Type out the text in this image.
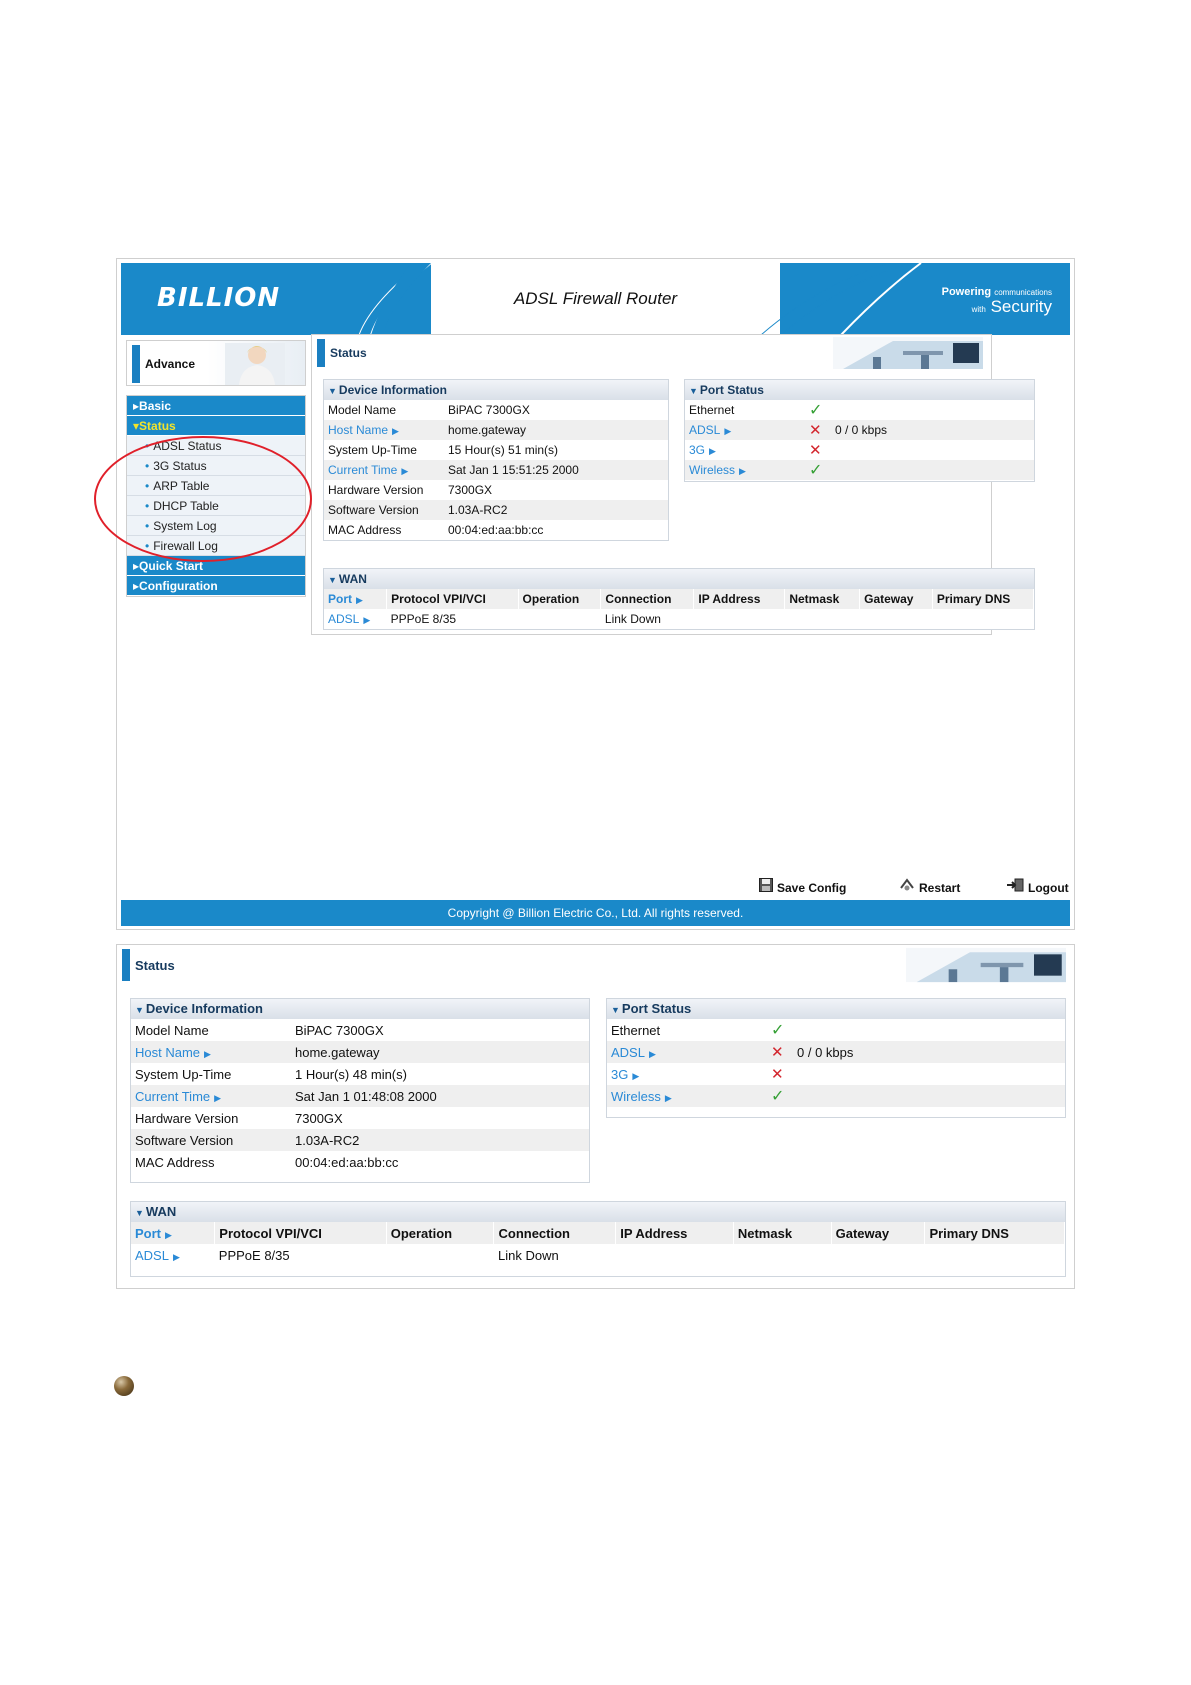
BILLION	ADSL Firewall Router	Powering communications
with Security
Advance
▸Basic
▾Status
• ADSL Status
• 3G Status
• ARP Table
• DHCP Table
• System Log
• Firewall Log
▸Quick Start
▸Configuration
Status
▼ Device Information
Model Name	BiPAC 7300GX
Host Name ▶	home.gateway
System Up-Time	15 Hour(s) 51 min(s)
Current Time ▶	Sat Jan 1 15:51:25 2000
Hardware Version	7300GX
Software Version	1.03A-RC2
MAC Address	00:04:ed:aa:bb:cc
▼ Port Status
Ethernet	✓	
ADSL ▶	✕	0 / 0 kbps
3G ▶	✕	
Wireless ▶	✓	
▼ WAN
Port ▶	Protocol VPI/VCI	Operation	Connection	IP Address	Netmask	Gateway	Primary DNS
ADSL ▶	PPPoE 8/35		Link Down				
Save Config	Restart	Logout
Copyright @ Billion Electric Co., Ltd. All rights reserved.
Status
▼ Device Information
Model Name	BiPAC 7300GX
Host Name ▶	home.gateway
System Up-Time	1 Hour(s) 48 min(s)
Current Time ▶	Sat Jan 1 01:48:08 2000
Hardware Version	7300GX
Software Version	1.03A-RC2
MAC Address	00:04:ed:aa:bb:cc
▼ Port Status
Ethernet	✓	
ADSL ▶	✕	0 / 0 kbps
3G ▶	✕	
Wireless ▶	✓	
▼ WAN
Port ▶	Protocol VPI/VCI	Operation	Connection	IP Address	Netmask	Gateway	Primary DNS
ADSL ▶	PPPoE 8/35		Link Down				
